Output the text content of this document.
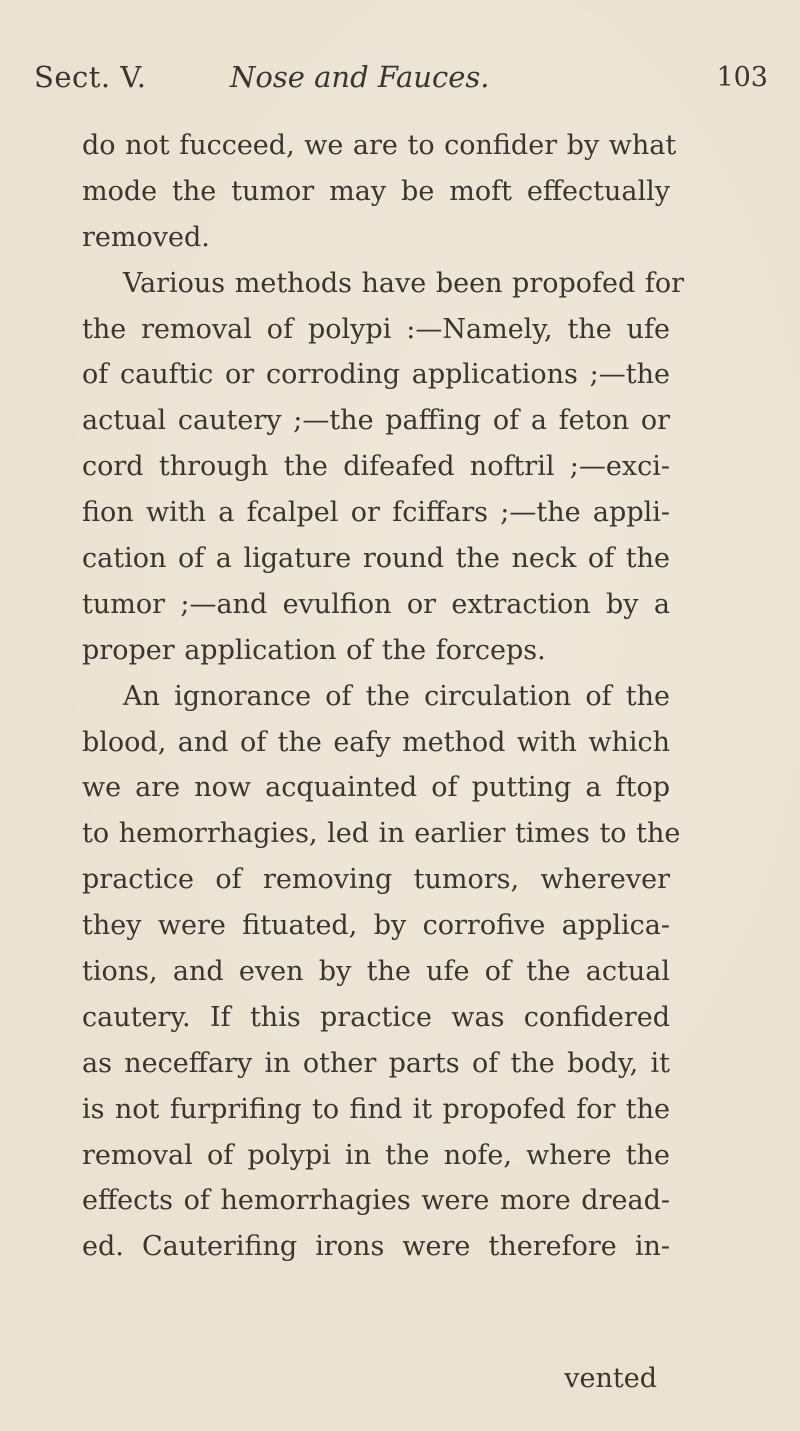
Sect. V.	Nose and Fauces.	103
do not fucceed, we are to confider by what
mode the tumor may be moft effectually
removed.
Various methods have been propofed for
the removal of polypi :—Namely, the ufe
of cauftic or corroding applications ;—the
actual cautery ;—the paffing of a feton or
cord through the difeafed noftril ;—exci-
fion with a fcalpel or fciffars ;—the appli-
cation of a ligature round the neck of the
tumor ;—and evulfion or extraction by a
proper application of the forceps.
An ignorance of the circulation of the
blood, and of the eafy method with which
we are now acquainted of putting a ftop
to hemorrhagies, led in earlier times to the
practice of removing tumors, wherever
they were fituated, by corrofive applica-
tions, and even by the ufe of the actual
cautery. If this practice was confidered
as neceffary in other parts of the body, it
is not furprifing to find it propofed for the
removal of polypi in the nofe, where the
effects of hemorrhagies were more dread-
ed. Cauterifing irons were therefore in-
vented
